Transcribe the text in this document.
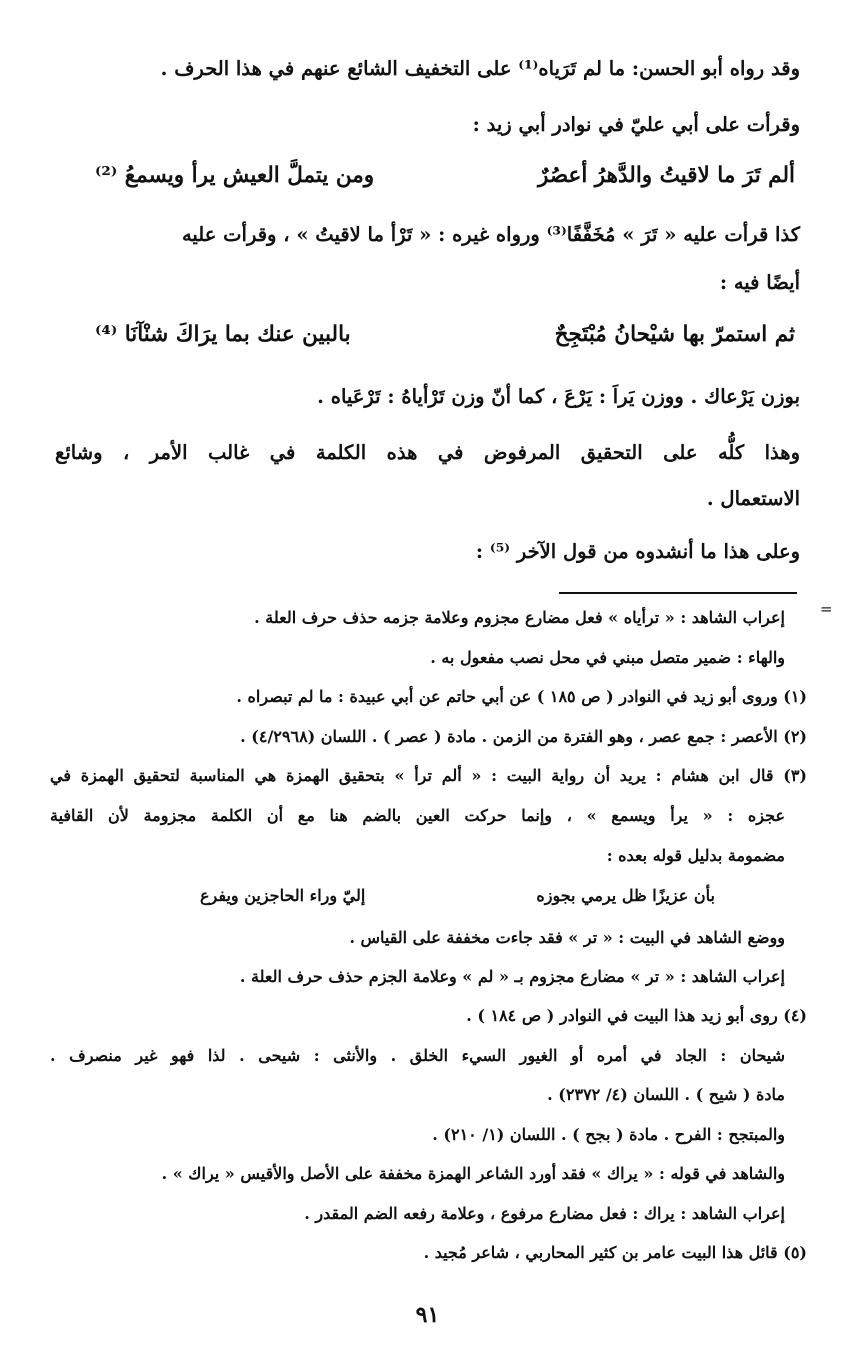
وقد رواه أبو الحسن: ما لم تَرَياه⁽¹⁾ على التخفيف الشائع عنهم في هذا الحرف .
وقرأت على أبي عليّ في نوادر أبي زيد :
ألم تَرَ ما لاقيتُ والدَّهرُ أعصُرٌ
ومن يتملَّ العيش يرأ ويسمعُ ⁽²⁾
كذا قرأت عليه « تَرَ » مُخَفَّفًا⁽³⁾ ورواه غيره : « تَرْأ ما لاقيتُ » ، وقرأت عليه
أيضًا فيه :
ثم استمرّ بها شيْحانُ مُبْتَجِحٌ
بالبين عنك بما يرَاكَ شنْآنَا ⁽⁴⁾
بوزن يَرْعاك . ووزن يَراَ : يَرْعَ ، كما أنّ وزن تَرْأياهُ : تَرْعَياه .
وهذا كلُّه على التحقيق المرفوض في هذه الكلمة في غالب الأمر ، وشائع
الاستعمال .
وعلى هذا ما أنشدوه من قول الآخر ⁽⁵⁾ :
=
إعراب الشاهد : « ترأياه » فعل مضارع مجزوم وعلامة جزمه حذف حرف العلة .
والهاء : ضمير متصل مبني في محل نصب مفعول به .
(١) وروى أبو زيد في النوادر ( ص ١٨٥ ) عن أبي حاتم عن أبي عبيدة : ما لم تبصراه .
(٢) الأعصر : جمع عصر ، وهو الفترة من الزمن . مادة ( عصر ) . اللسان (٤/٢٩٦٨) .
(٣) قال ابن هشام : يريد أن رواية البيت : « ألم ترأ » بتحقيق الهمزة هي المناسبة لتحقيق الهمزة في
عجزه : « يرأ ويسمع » ، وإنما حركت العين بالضم هنا مع أن الكلمة مجزومة لأن القافية
مضمومة بدليل قوله بعده :
بأن عزيزًا ظل يرمي بجوزه
إليّ وراء الحاجزين ويفرع
ووضع الشاهد في البيت : « تر » فقد جاءت مخففة على القياس .
إعراب الشاهد : « تر » مضارع مجزوم بـ « لم » وعلامة الجزم حذف حرف العلة .
(٤) روى أبو زيد هذا البيت في النوادر ( ص ١٨٤ ) .
شيحان : الجاد في أمره أو الغيور السيء الخلق . والأنثى : شيحى . لذا فهو غير منصرف .
مادة ( شيح ) . اللسان (٤/ ٢٣٧٢) .
والمبتجح : الفرح . مادة ( بجح ) . اللسان (١/ ٢١٠) .
والشاهد في قوله : « يراك » فقد أورد الشاعر الهمزة مخففة على الأصل والأقيس « يراك » .
إعراب الشاهد : يراك : فعل مضارع مرفوع ، وعلامة رفعه الضم المقدر .
(٥) قائل هذا البيت عامر بن كثير المحاربي ، شاعر مُجيد .
٩١
